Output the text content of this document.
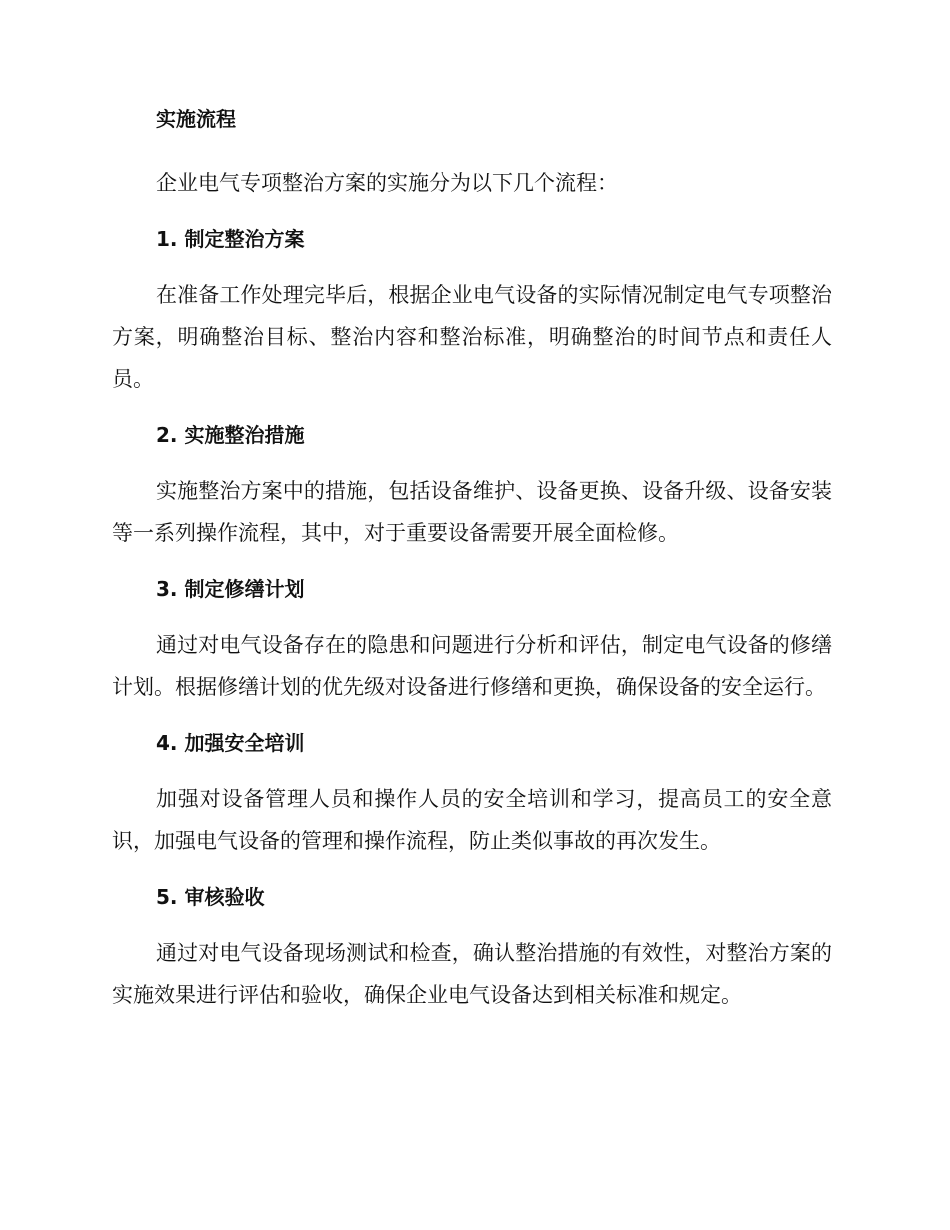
实施流程

企业电气专项整治方案的实施分为以下几个流程：

1. 制定整治方案

在准备工作处理完毕后，根据企业电气设备的实际情况制定电气专项整治方案，明确整治目标、整治内容和整治标准，明确整治的时间节点和责任人员。

2. 实施整治措施

实施整治方案中的措施，包括设备维护、设备更换、设备升级、设备安装等一系列操作流程，其中，对于重要设备需要开展全面检修。

3. 制定修缮计划

通过对电气设备存在的隐患和问题进行分析和评估，制定电气设备的修缮计划。根据修缮计划的优先级对设备进行修缮和更换，确保设备的安全运行。

4. 加强安全培训

加强对设备管理人员和操作人员的安全培训和学习，提高员工的安全意识，加强电气设备的管理和操作流程，防止类似事故的再次发生。

5. 审核验收

通过对电气设备现场测试和检查，确认整治措施的有效性，对整治方案的实施效果进行评估和验收，确保企业电气设备达到相关标准和规定。
